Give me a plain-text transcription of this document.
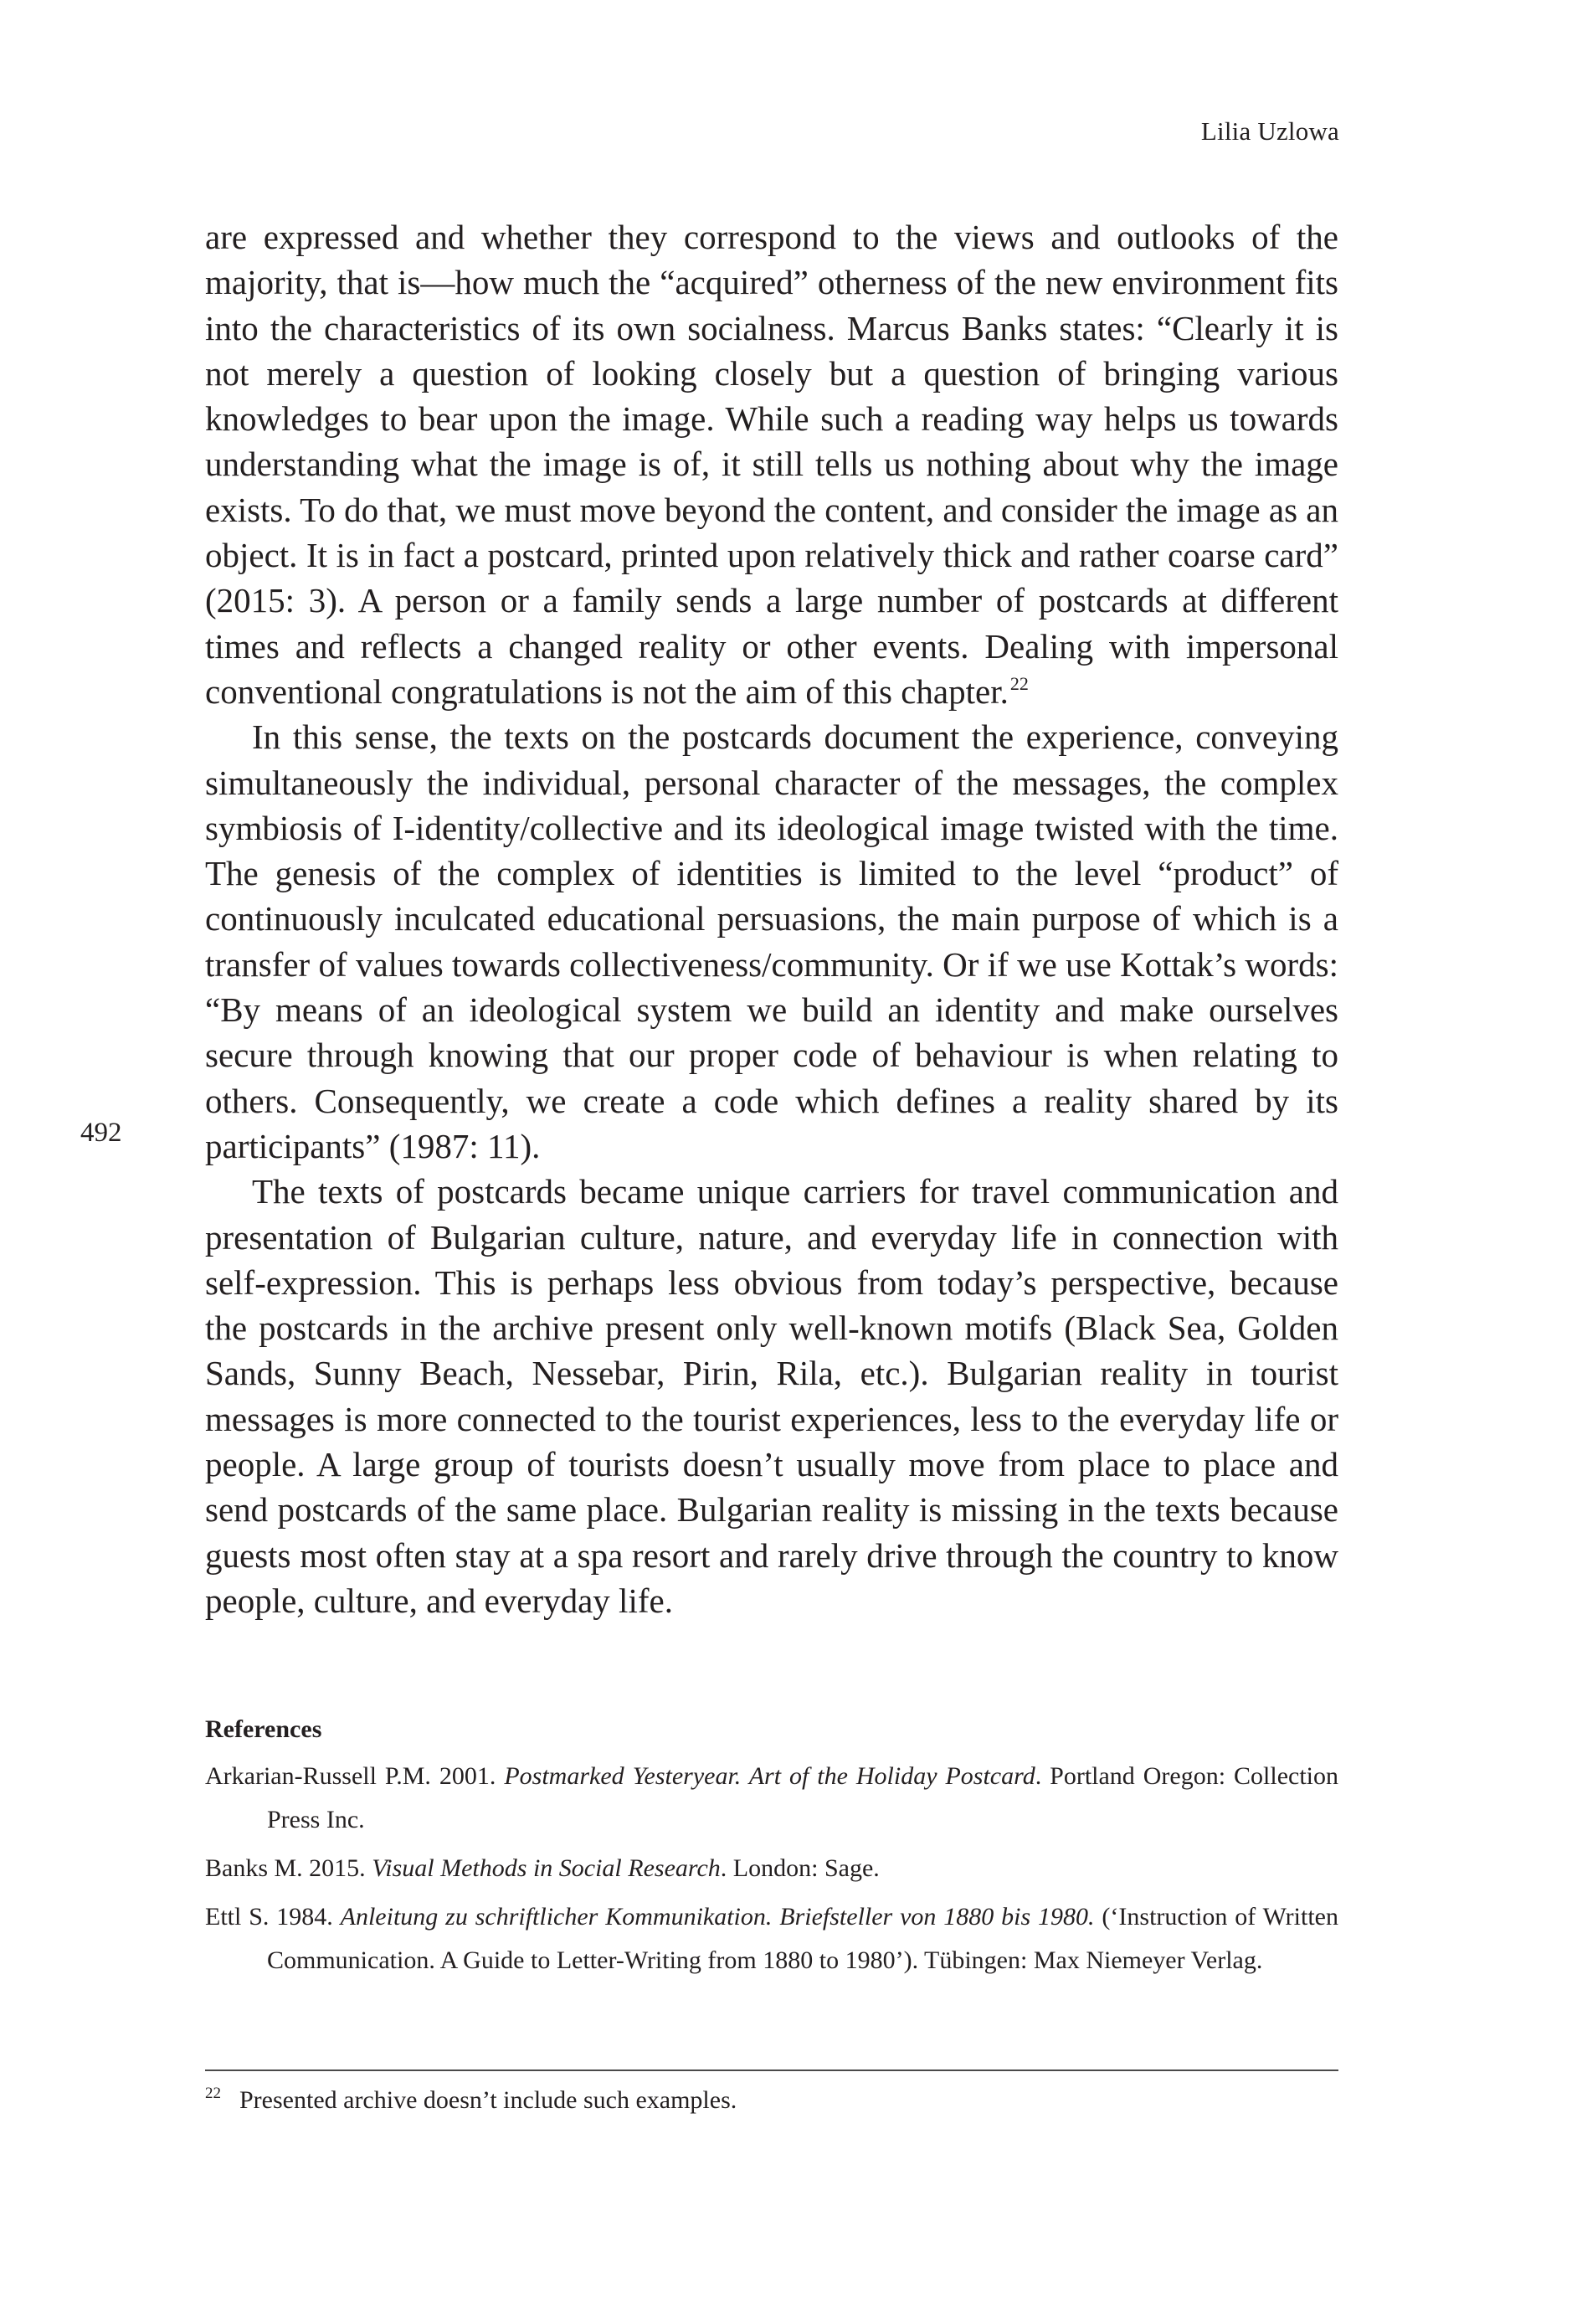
Lilia Uzlowa
492

are expressed and whether they correspond to the views and outlooks of the majority, that is—how much the “acquired” otherness of the new environment fits into the characteristics of its own socialness. Marcus Banks states: “Clearly it is not merely a question of looking closely but a question of bringing various knowledges to bear upon the image. While such a reading way helps us towards understanding what the image is of, it still tells us nothing about why the image exists. To do that, we must move beyond the content, and consider the image as an object. It is in fact a postcard, printed upon relatively thick and rather coarse card” (2015: 3). A person or a family sends a large number of postcards at different times and reflects a changed reality or other events. Dealing with impersonal conventional congratulations is not the aim of this chapter.$^{22}$

In this sense, the texts on the postcards document the experience, conveying simultaneously the individual, personal character of the messages, the complex symbiosis of I-identity/collective and its ideological image twisted with the time. The genesis of the complex of identities is limited to the level “product” of continuously inculcated educational persuasions, the main purpose of which is a transfer of values towards collectiveness/community. Or if we use Kottak’s words: “By means of an ideological system we build an identity and make ourselves secure through knowing that our proper code of behaviour is when relating to others. Consequently, we create a code which defines a reality shared by its participants” (1987: 11).

The texts of postcards became unique carriers for travel communication and presentation of Bulgarian culture, nature, and everyday life in connection with self-expression. This is perhaps less obvious from today’s perspective, because the postcards in the archive present only well-known motifs (Black Sea, Golden Sands, Sunny Beach, Nessebar, Pirin, Rila, etc.). Bulgarian reality in tourist messages is more connected to the tourist experiences, less to the everyday life or people. A large group of tourists doesn’t usually move from place to place and send postcards of the same place. Bulgarian reality is missing in the texts because guests most often stay at a spa resort and rarely drive through the country to know people, culture, and everyday life.

References
Arkarian-Russell P.M. 2001. Postmarked Yesteryear. Art of the Holiday Postcard. Portland Oregon: Collection Press Inc.
Banks M. 2015. Visual Methods in Social Research. London: Sage.
Ettl S. 1984. Anleitung zu schriftlicher Kommunikation. Briefsteller von 1880 bis 1980. (‘Instruction of Written Communication. A Guide to Letter-Writing from 1880 to 1980’). Tübingen: Max Niemeyer Verlag.
$^{22}$ Presented archive doesn’t include such examples.
